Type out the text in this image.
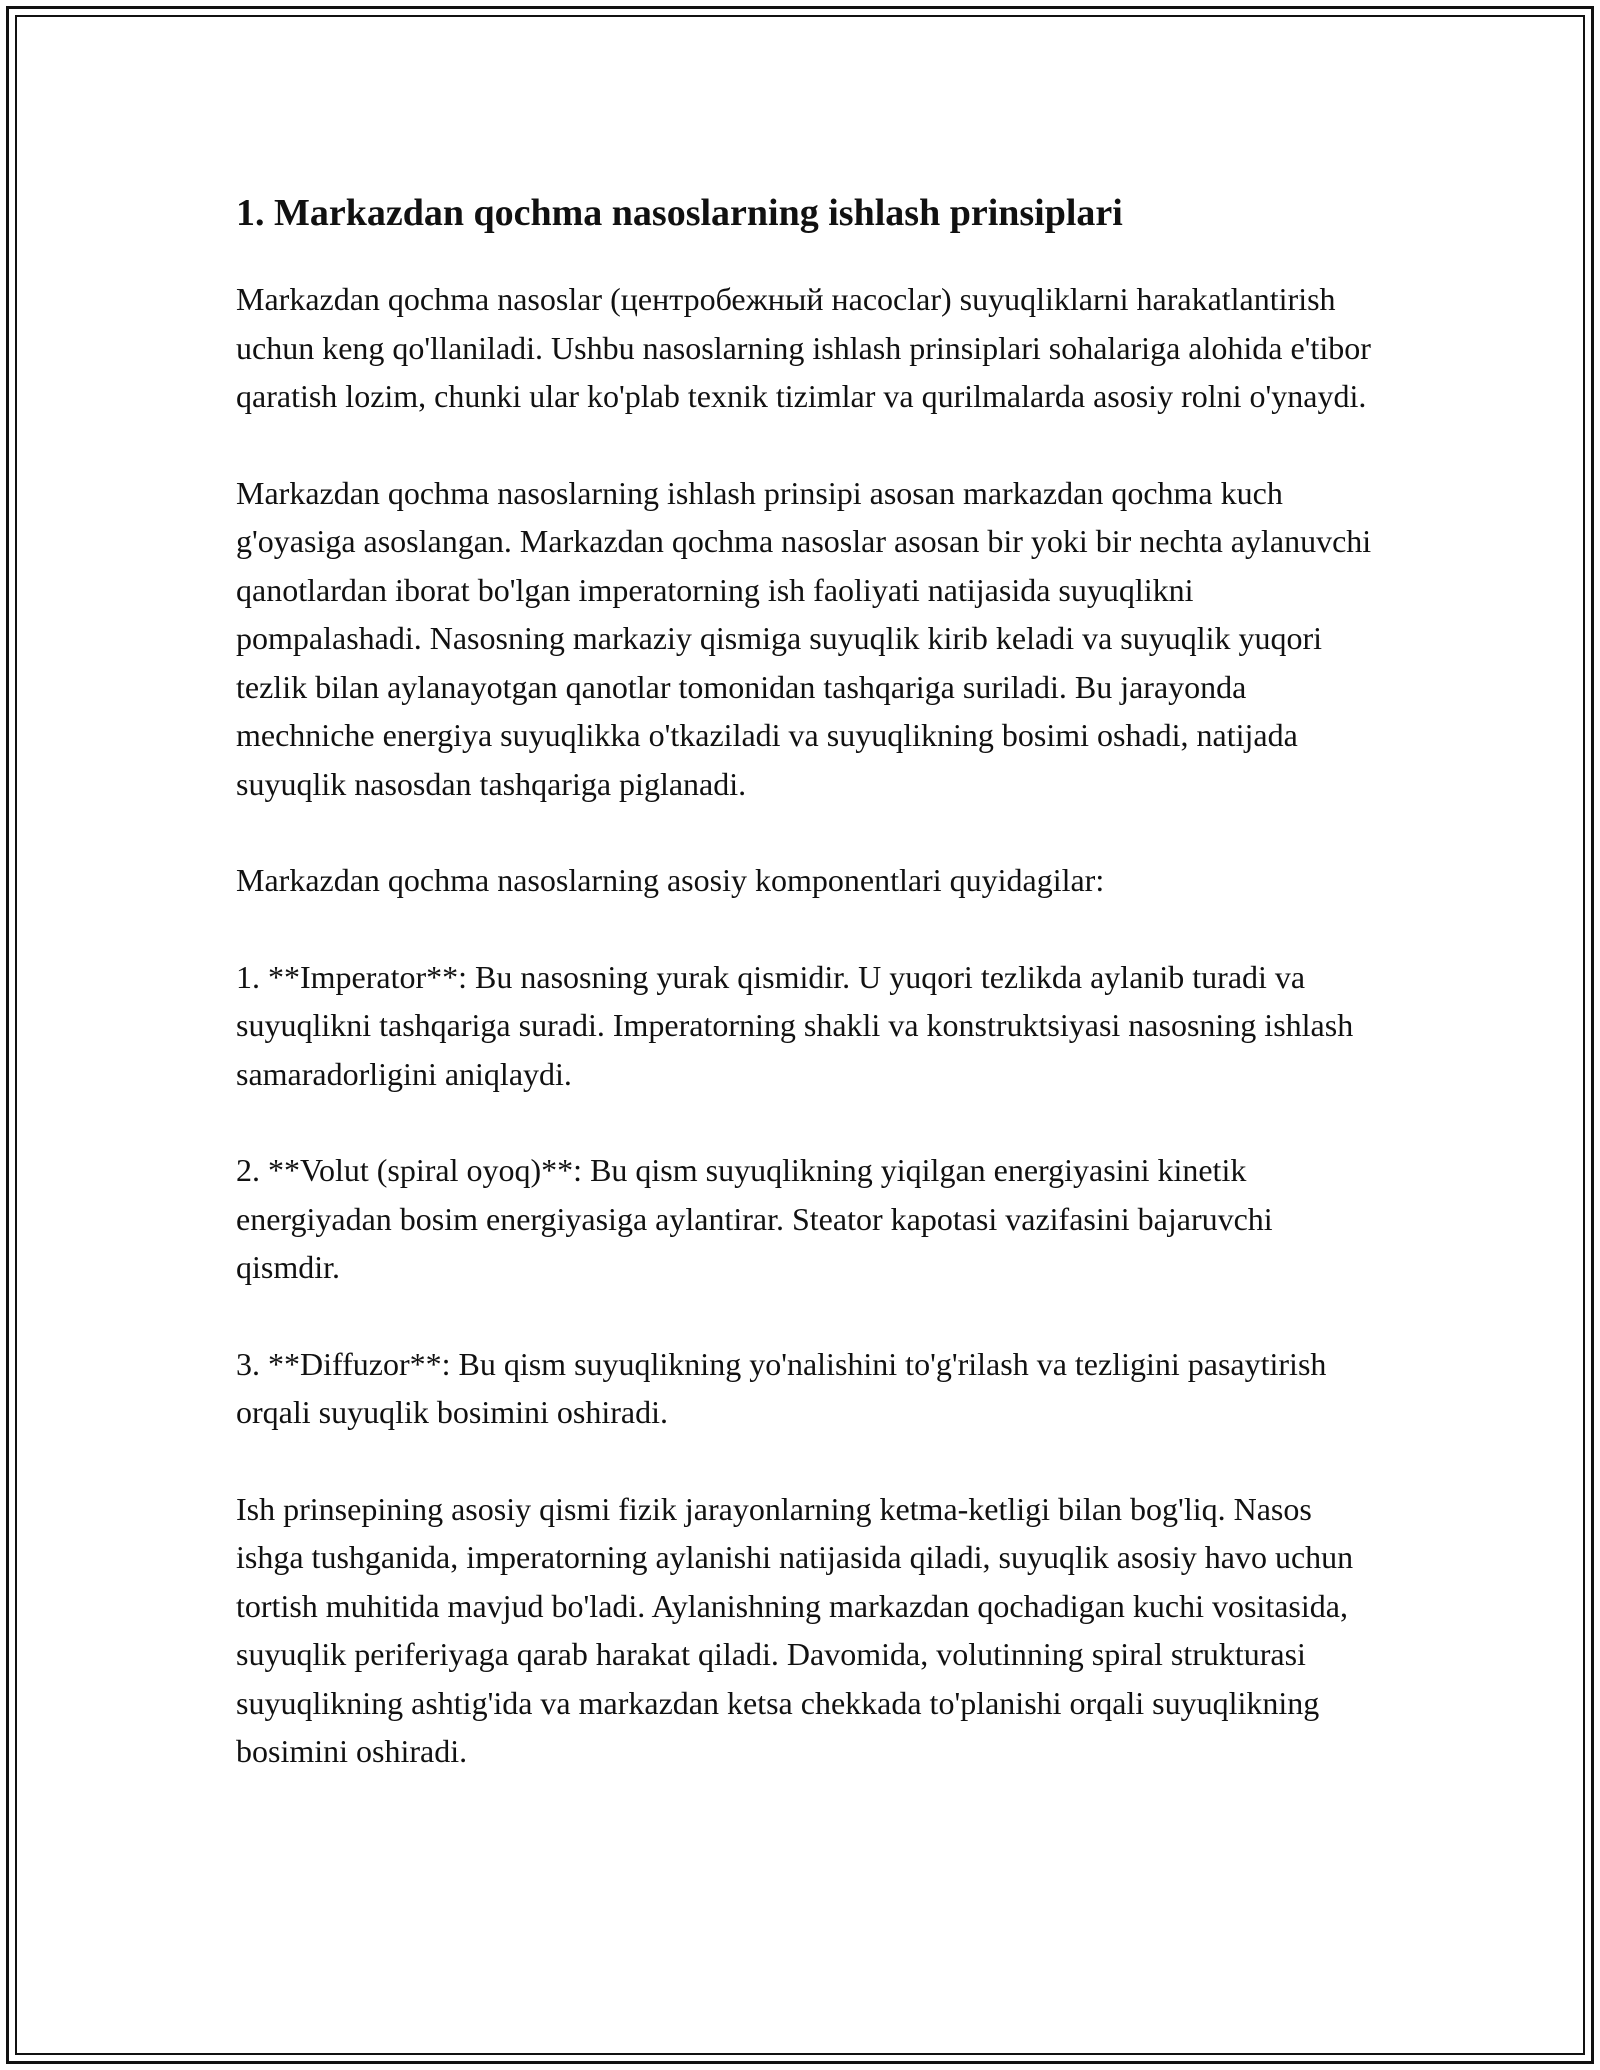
1. Markazdan qochma nasoslarning ishlash prinsiplari

Markazdan qochma nasoslar (центробежный насоclar) suyuqliklarni harakatlantirish uchun keng qo'llaniladi. Ushbu nasoslarning ishlash prinsiplari sohalariga alohida e'tibor qaratish lozim, chunki ular ko'plab texnik tizimlar va qurilmalarda asosiy rolni o'ynaydi.

Markazdan qochma nasoslarning ishlash prinsipi asosan markazdan qochma kuch g'oyasiga asoslangan. Markazdan qochma nasoslar asosan bir yoki bir nechta aylanuvchi qanotlardan iborat bo'lgan imperatorning ish faoliyati natijasida suyuqlikni pompalashadi. Nasosning markaziy qismiga suyuqlik kirib keladi va suyuqlik yuqori tezlik bilan aylanayotgan qanotlar tomonidan tashqariga suriladi. Bu jarayonda mechniche energiya suyuqlikka o'tkaziladi va suyuqlikning bosimi oshadi, natijada suyuqlik nasosdan tashqariga piglanadi.

Markazdan qochma nasoslarning asosiy komponentlari quyidagilar:

1. **Imperator**: Bu nasosning yurak qismidir. U yuqori tezlikda aylanib turadi va suyuqlikni tashqariga suradi. Imperatorning shakli va konstruktsiyasi nasosning ishlash samaradorligini aniqlaydi.

2. **Volut (spiral oyoq)**: Bu qism suyuqlikning yiqilgan energiyasini kinetik energiyadan bosim energiyasiga aylantirar. Steator kapotasi vazifasini bajaruvchi qismdir.

3. **Diffuzor**: Bu qism suyuqlikning yo'nalishini to'g'rilash va tezligini pasaytirish orqali suyuqlik bosimini oshiradi.

Ish prinsepining asosiy qismi fizik jarayonlarning ketma-ketligi bilan bog'liq. Nasos ishga tushganida, imperatorning aylanishi natijasida qiladi, suyuqlik asosiy havo uchun tortish muhitida mavjud bo'ladi. Aylanishning markazdan qochadigan kuchi vositasida, suyuqlik periferiyaga qarab harakat qiladi. Davomida, volutinning spiral strukturasi suyuqlikning ashtig'ida va markazdan ketsa chekkada to'planishi orqali suyuqlikning bosimini oshiradi.
